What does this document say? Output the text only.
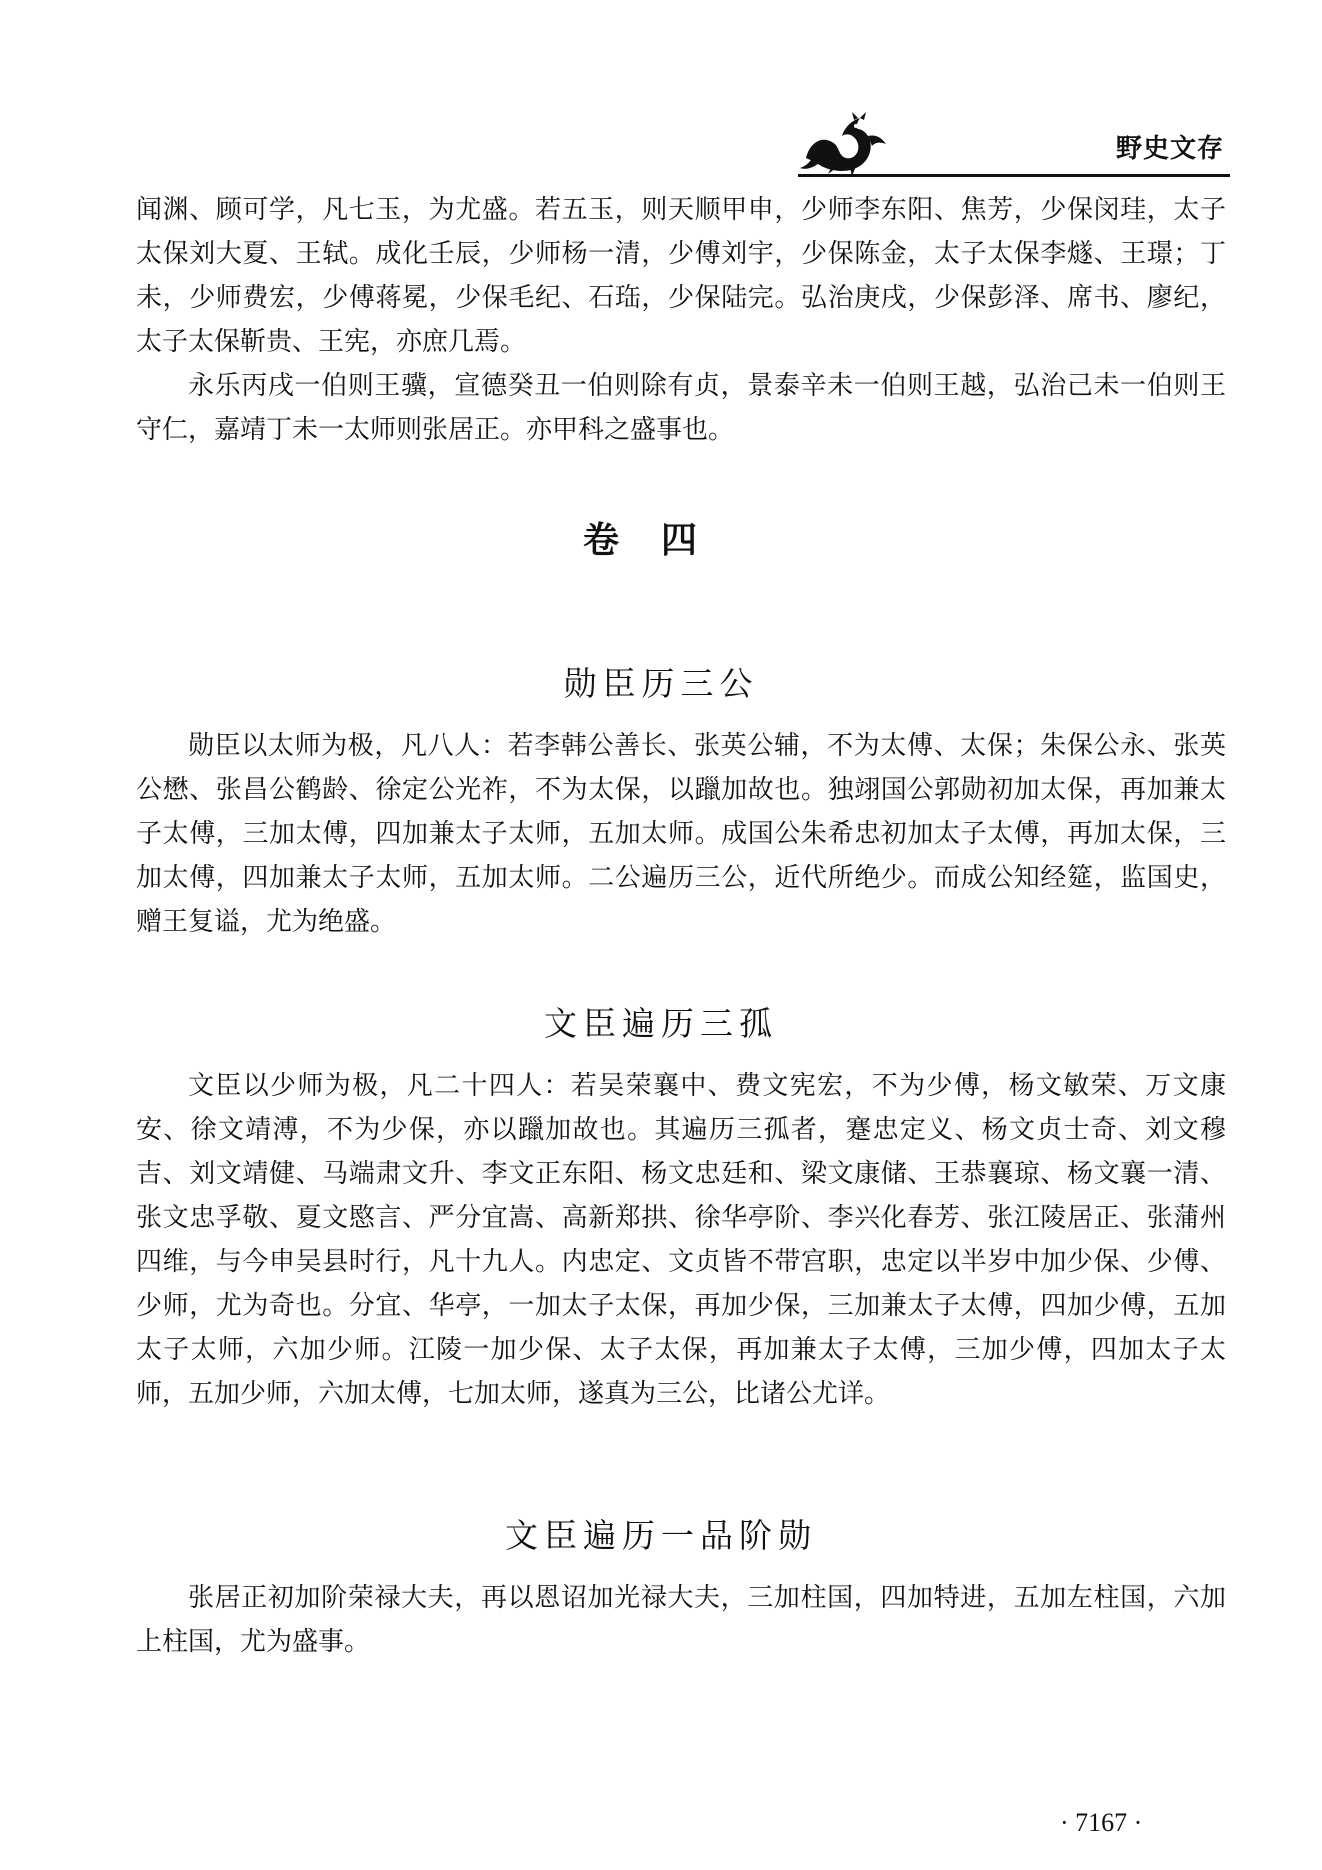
野史文存

闻渊、顾可学，凡七玉，为尤盛。若五玉，则天顺甲申，少师李东阳、焦芳，少保闵珪，太子太保刘大夏、王轼。成化壬辰，少师杨一清，少傅刘宇，少保陈金，太子太保李燧、王璟；丁未，少师费宏，少傅蒋冕，少保毛纪、石珤，少保陆完。弘治庚戌，少保彭泽、席书、廖纪，太子太保靳贵、王宪，亦庶几焉。

永乐丙戌一伯则王骥，宣德癸丑一伯则除有贞，景泰辛未一伯则王越，弘治己未一伯则王守仁，嘉靖丁未一太师则张居正。亦甲科之盛事也。

卷四
勋臣历三公

勋臣以太师为极，凡八人：若李韩公善长、张英公辅，不为太傅、太保；朱保公永、张英公懋、张昌公鹤龄、徐定公光祚，不为太保，以躐加故也。独翊国公郭勋初加太保，再加兼太子太傅，三加太傅，四加兼太子太师，五加太师。成国公朱希忠初加太子太傅，再加太保，三加太傅，四加兼太子太师，五加太师。二公遍历三公，近代所绝少。而成公知经筵，监国史，赠王复谥，尤为绝盛。

文臣遍历三孤

文臣以少师为极，凡二十四人：若吴荣襄中、费文宪宏，不为少傅，杨文敏荣、万文康安、徐文靖溥，不为少保，亦以躐加故也。其遍历三孤者，蹇忠定义、杨文贞士奇、刘文穆吉、刘文靖健、马端肃文升、李文正东阳、杨文忠廷和、梁文康储、王恭襄琼、杨文襄一清、张文忠孚敬、夏文愍言、严分宜嵩、高新郑拱、徐华亭阶、李兴化春芳、张江陵居正、张蒲州四维，与今申吴县时行，凡十九人。内忠定、文贞皆不带宫职，忠定以半岁中加少保、少傅、少师，尤为奇也。分宜、华亭，一加太子太保，再加少保，三加兼太子太傅，四加少傅，五加太子太师，六加少师。江陵一加少保、太子太保，再加兼太子太傅，三加少傅，四加太子太师，五加少师，六加太傅，七加太师，遂真为三公，比诸公尤详。

文臣遍历一品阶勋

张居正初加阶荣禄大夫，再以恩诏加光禄大夫，三加柱国，四加特进，五加左柱国，六加上柱国，尤为盛事。

· 7167 ·
